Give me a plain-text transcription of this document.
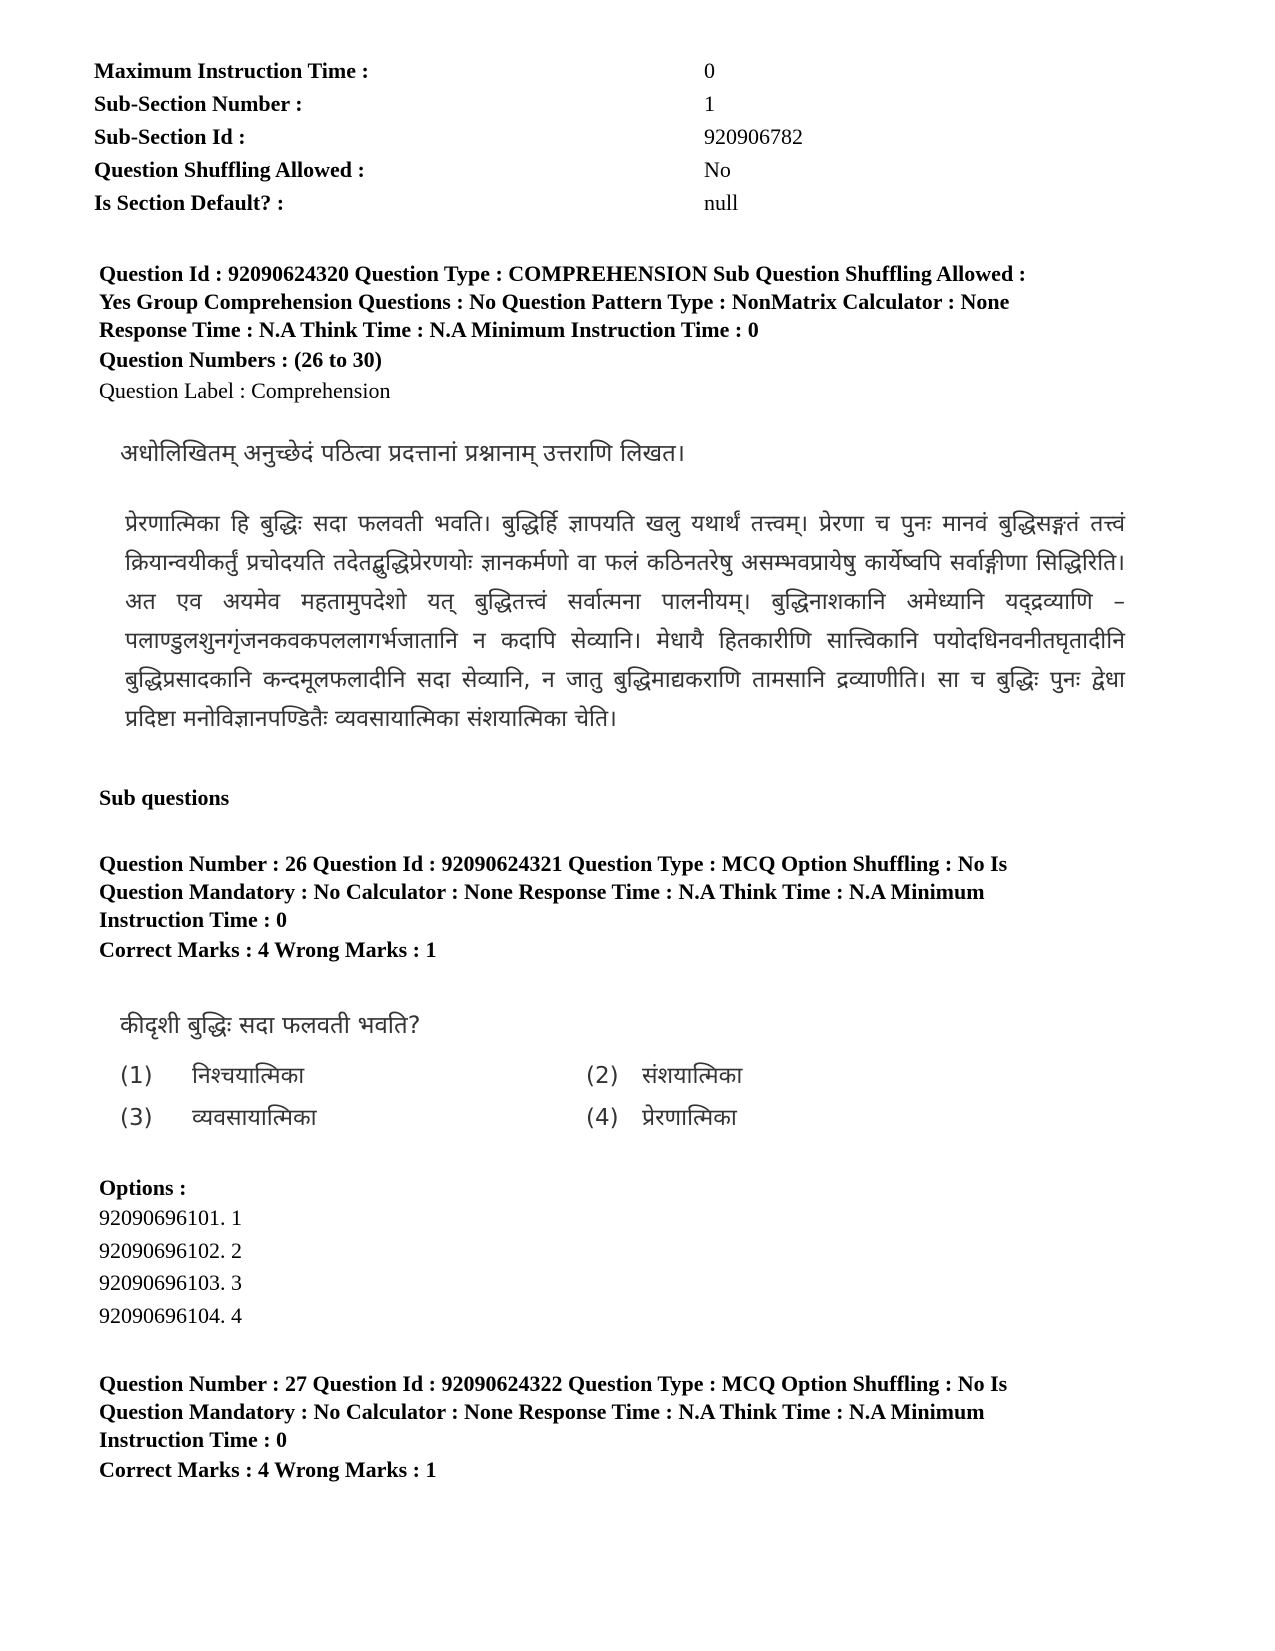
Maximum Instruction Time :	0
Sub-Section Number :	1
Sub-Section Id :	920906782
Question Shuffling Allowed :	No
Is Section Default? :	null
Question Id : 92090624320 Question Type : COMPREHENSION Sub Question Shuffling Allowed :
Yes Group Comprehension Questions : No Question Pattern Type : NonMatrix Calculator : None
Response Time : N.A Think Time : N.A Minimum Instruction Time : 0
Question Numbers : (26 to 30)
Question Label : Comprehension
अधोलिखितम् अनुच्छेदं पठित्वा प्रदत्तानां प्रश्नानाम् उत्तराणि लिखत।
प्रेरणात्मिका हि बुद्धिः सदा फलवती भवति। बुद्धिर्हि ज्ञापयति खलु यथार्थं तत्त्वम्। प्रेरणा च पुनः मानवं बुद्धिसङ्गतं तत्त्वं क्रियान्वयीकर्तुं प्रचोदयति तदेतद्बुद्धिप्रेरणयोः ज्ञानकर्मणो वा फलं कठिनतरेषु असम्भवप्रायेषु कार्येष्वपि सर्वाङ्गीणा सिद्धिरिति। अत एव अयमेव महतामुपदेशो यत् बुद्धितत्त्वं सर्वात्मना पालनीयम्। बुद्धिनाशकानि अमेध्यानि यद्द्रव्याणि – पलाण्डुलशुनगृंजनकवकपललागर्भजातानि न कदापि सेव्यानि। मेधायै हितकारीणि सात्त्विकानि पयोदधिनवनीतघृतादीनि बुद्धिप्रसादकानि कन्दमूलफलादीनि सदा सेव्यानि, न जातु बुद्धिमाद्यकराणि तामसानि द्रव्याणीति। सा च बुद्धिः पुनः द्वेधा प्रदिष्टा मनोविज्ञानपण्डितैः व्यवसायात्मिका संशयात्मिका चेति।
Sub questions
Question Number : 26 Question Id : 92090624321 Question Type : MCQ Option Shuffling : No Is
Question Mandatory : No Calculator : None Response Time : N.A Think Time : N.A Minimum
Instruction Time : 0
Correct Marks : 4 Wrong Marks : 1
कीदृशी बुद्धिः सदा फलवती भवति?
(1) निश्चयात्मिका	(2) संशयात्मिका
(3) व्यवसायात्मिका	(4) प्रेरणात्मिका
Options :
92090696101. 1
92090696102. 2
92090696103. 3
92090696104. 4
Question Number : 27 Question Id : 92090624322 Question Type : MCQ Option Shuffling : No Is
Question Mandatory : No Calculator : None Response Time : N.A Think Time : N.A Minimum
Instruction Time : 0
Correct Marks : 4 Wrong Marks : 1
